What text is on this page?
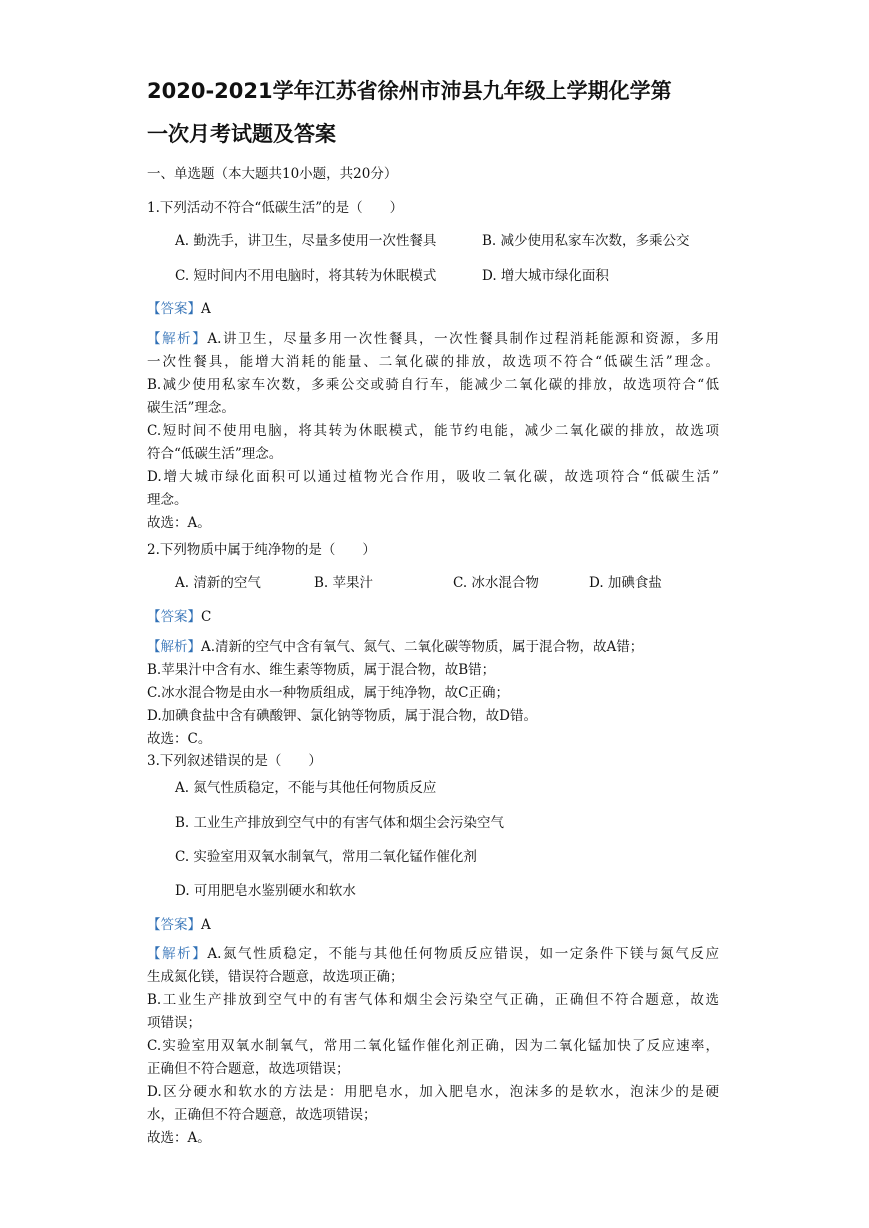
2020-2021学年江苏省徐州市沛县九年级上学期化学第
一次月考试题及答案
一、单选题（本大题共10小题，共20分）
1.下列活动不符合“低碳生活”的是（　　）
A. 勤洗手，讲卫生，尽量多使用一次性餐具	B. 减少使用私家车次数，多乘公交
C. 短时间内不用电脑时，将其转为休眠模式	D. 增大城市绿化面积
【答案】A
【解析】A.讲卫生，尽量多用一次性餐具，一次性餐具制作过程消耗能源和资源，多用
一次性餐具，能增大消耗的能量、二氧化碳的排放，故选项不符合“低碳生活”理念。
B.减少使用私家车次数，多乘公交或骑自行车，能减少二氧化碳的排放，故选项符合“低
碳生活”理念。
C.短时间不使用电脑，将其转为休眠模式，能节约电能，减少二氧化碳的排放，故选项
符合“低碳生活”理念。
D.增大城市绿化面积可以通过植物光合作用，吸收二氧化碳，故选项符合“低碳生活”
理念。
故选：A。
2.下列物质中属于纯净物的是（　　）
A. 清新的空气	B. 苹果汁	C. 冰水混合物	D. 加碘食盐
【答案】C
【解析】A.清新的空气中含有氧气、氮气、二氧化碳等物质，属于混合物，故A错；
B.苹果汁中含有水、维生素等物质，属于混合物，故B错；
C.冰水混合物是由水一种物质组成，属于纯净物，故C正确；
D.加碘食盐中含有碘酸钾、氯化钠等物质，属于混合物，故D错。
故选：C。
3.下列叙述错误的是（　　）
A. 氮气性质稳定，不能与其他任何物质反应
B. 工业生产排放到空气中的有害气体和烟尘会污染空气
C. 实验室用双氧水制氧气，常用二氧化锰作催化剂
D. 可用肥皂水鉴别硬水和软水
【答案】A
【解析】A.氮气性质稳定，不能与其他任何物质反应错误，如一定条件下镁与氮气反应
生成氮化镁，错误符合题意，故选项正确；
B.工业生产排放到空气中的有害气体和烟尘会污染空气正确，正确但不符合题意，故选
项错误；
C.实验室用双氧水制氧气，常用二氧化锰作催化剂正确，因为二氧化锰加快了反应速率，
正确但不符合题意，故选项错误；
D.区分硬水和软水的方法是：用肥皂水，加入肥皂水，泡沫多的是软水，泡沫少的是硬
水，正确但不符合题意，故选项错误；
故选：A。
